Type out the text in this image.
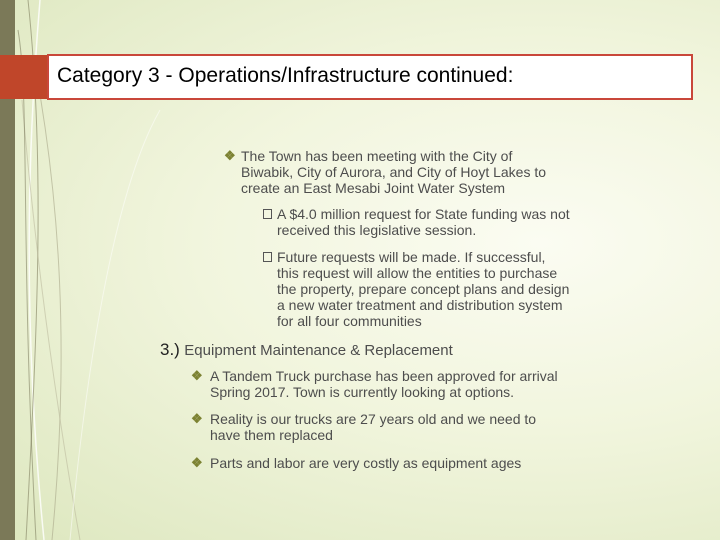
Category 3 - Operations/Infrastructure continued:
❖ The Town has been meeting with the City of
Biwabik, City of Aurora, and City of Hoyt Lakes to
create an East Mesabi Joint Water System
A $4.0 million request for State funding was not
received this legislative session.
Future requests will be made. If successful,
this request will allow the entities to purchase
the property, prepare concept plans and design
a new water treatment and distribution system
for all four communities
3.) Equipment Maintenance & Replacement
❖ A Tandem Truck purchase has been approved for arrival
Spring 2017. Town is currently looking at options.
❖ Reality is our trucks are 27 years old and we need to
have them replaced
❖ Parts and labor are very costly as equipment ages
